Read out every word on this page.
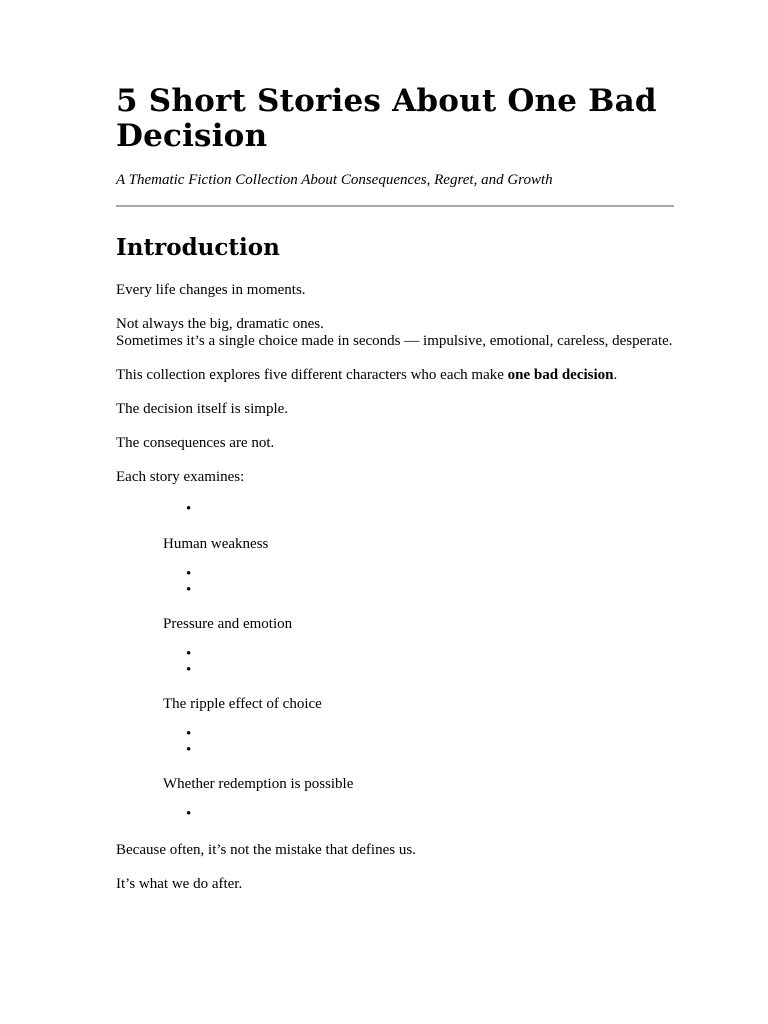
5 Short Stories About One Bad Decision
A Thematic Fiction Collection About Consequences, Regret, and Growth
Introduction

Every life changes in moments.

Not always the big, dramatic ones.

Sometimes it’s a single choice made in seconds — impulsive, emotional, careless, desperate.

This collection explores five different characters who each make one bad decision.

The decision itself is simple.

The consequences are not.

Each story examines:

•
Human weakness
•
•
Pressure and emotion
•
•
The ripple effect of choice
•
•
Whether redemption is possible
•

Because often, it’s not the mistake that defines us.

It’s what we do after.
